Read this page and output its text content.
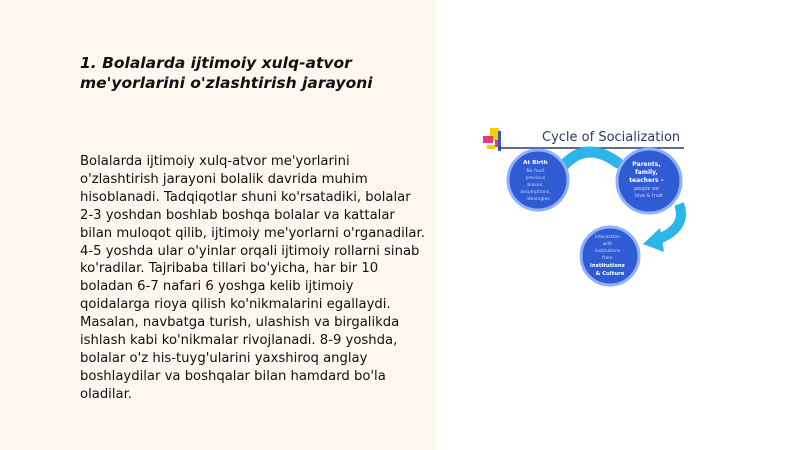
1. Bolalarda ijtimoiy xulq-atvor me'yorlarini o'zlashtirish jarayoni

Bolalarda ijtimoiy xulq-atvor me'yorlarini o'zlashtirish jarayoni bolalik davrida muhim hisoblanadi. Tadqiqotlar shuni ko'rsatadiki, bolalar 2-3 yoshdan boshlab boshqa bolalar va kattalar bilan muloqot qilib, ijtimoiy me'yorlarni o'rganadilar. 4-5 yoshda ular o'yinlar orqali ijtimoiy rollarni sinab ko'radilar. Tajribaba tillari bo'yicha, har bir 10 boladan 6-7 nafari 6 yoshga kelib ijtimoiy qoidalarga rioya qilish ko'nikmalarini egallaydi. Masalan, navbatga turish, ulashish va birgalikda ishlash kabi ko'nikmalar rivojlanadi. 8-9 yoshda, bolalar o'z his-tuyg'ularini yaxshiroq anglay boshlaydilar va boshqalar bilan hamdard bo'la oladilar.

Cycle of Socialization
At Birth No fault previous biases, assumptions, ideologies
Parents, family, teachers – people we love & trust
Interaction with institutions from institutions & Culture
